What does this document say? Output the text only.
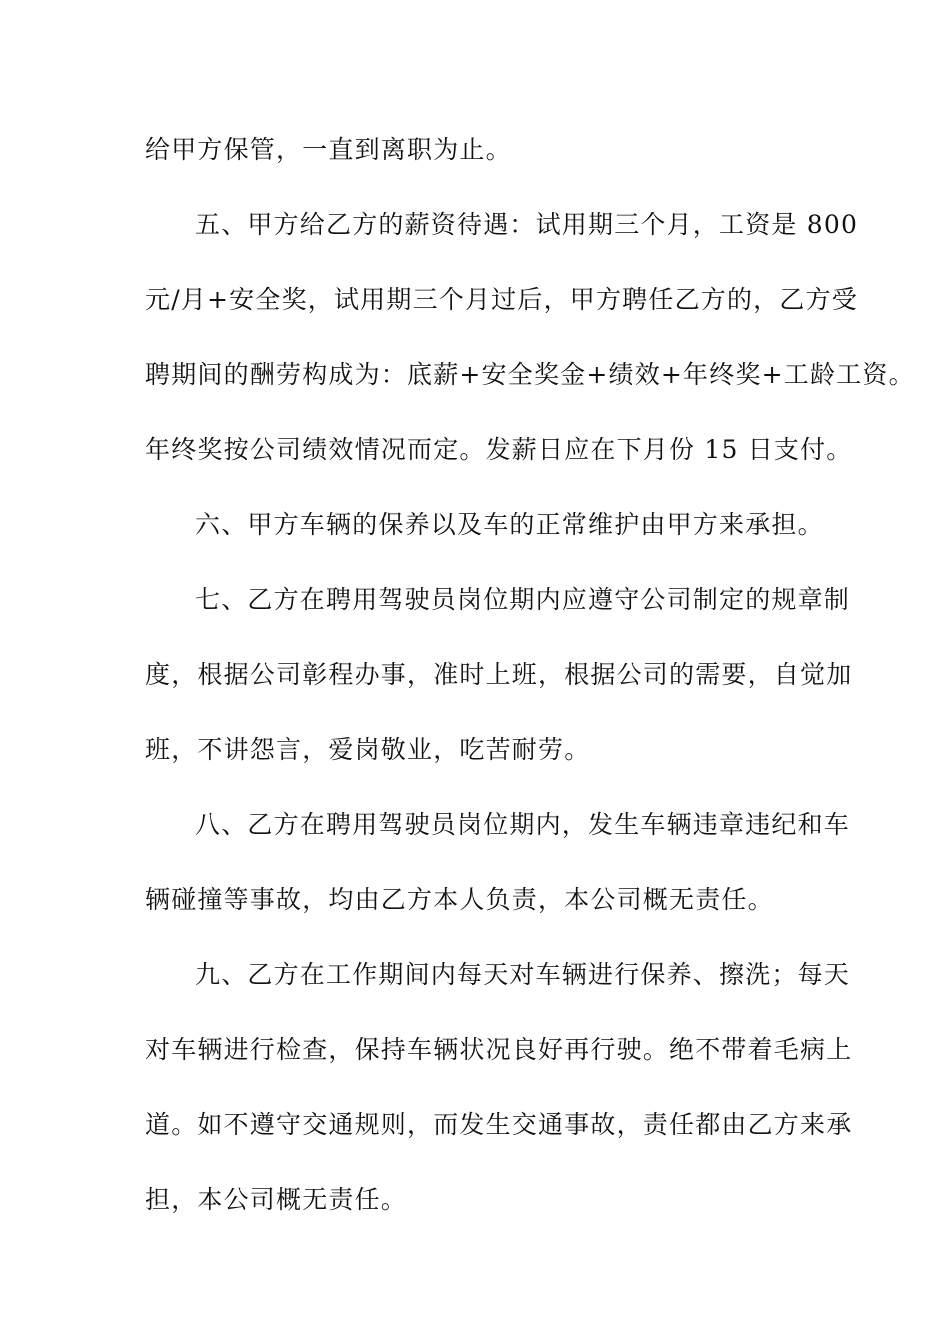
给甲方保管，一直到离职为止。
五、甲方给乙方的薪资待遇：试用期三个月，工资是 800
元/月+安全奖，试用期三个月过后，甲方聘任乙方的，乙方受
聘期间的酬劳构成为：底薪+安全奖金+绩效+年终奖+工龄工资。
年终奖按公司绩效情况而定。发薪日应在下月份 15 日支付。
六、甲方车辆的保养以及车的正常维护由甲方来承担。
七、乙方在聘用驾驶员岗位期内应遵守公司制定的规章制
度，根据公司彰程办事，准时上班，根据公司的需要，自觉加
班，不讲怨言，爱岗敬业，吃苦耐劳。
八、乙方在聘用驾驶员岗位期内，发生车辆违章违纪和车
辆碰撞等事故，均由乙方本人负责，本公司概无责任。
九、乙方在工作期间内每天对车辆进行保养、擦洗；每天
对车辆进行检查，保持车辆状况良好再行驶。绝不带着毛病上
道。如不遵守交通规则，而发生交通事故，责任都由乙方来承
担，本公司概无责任。
